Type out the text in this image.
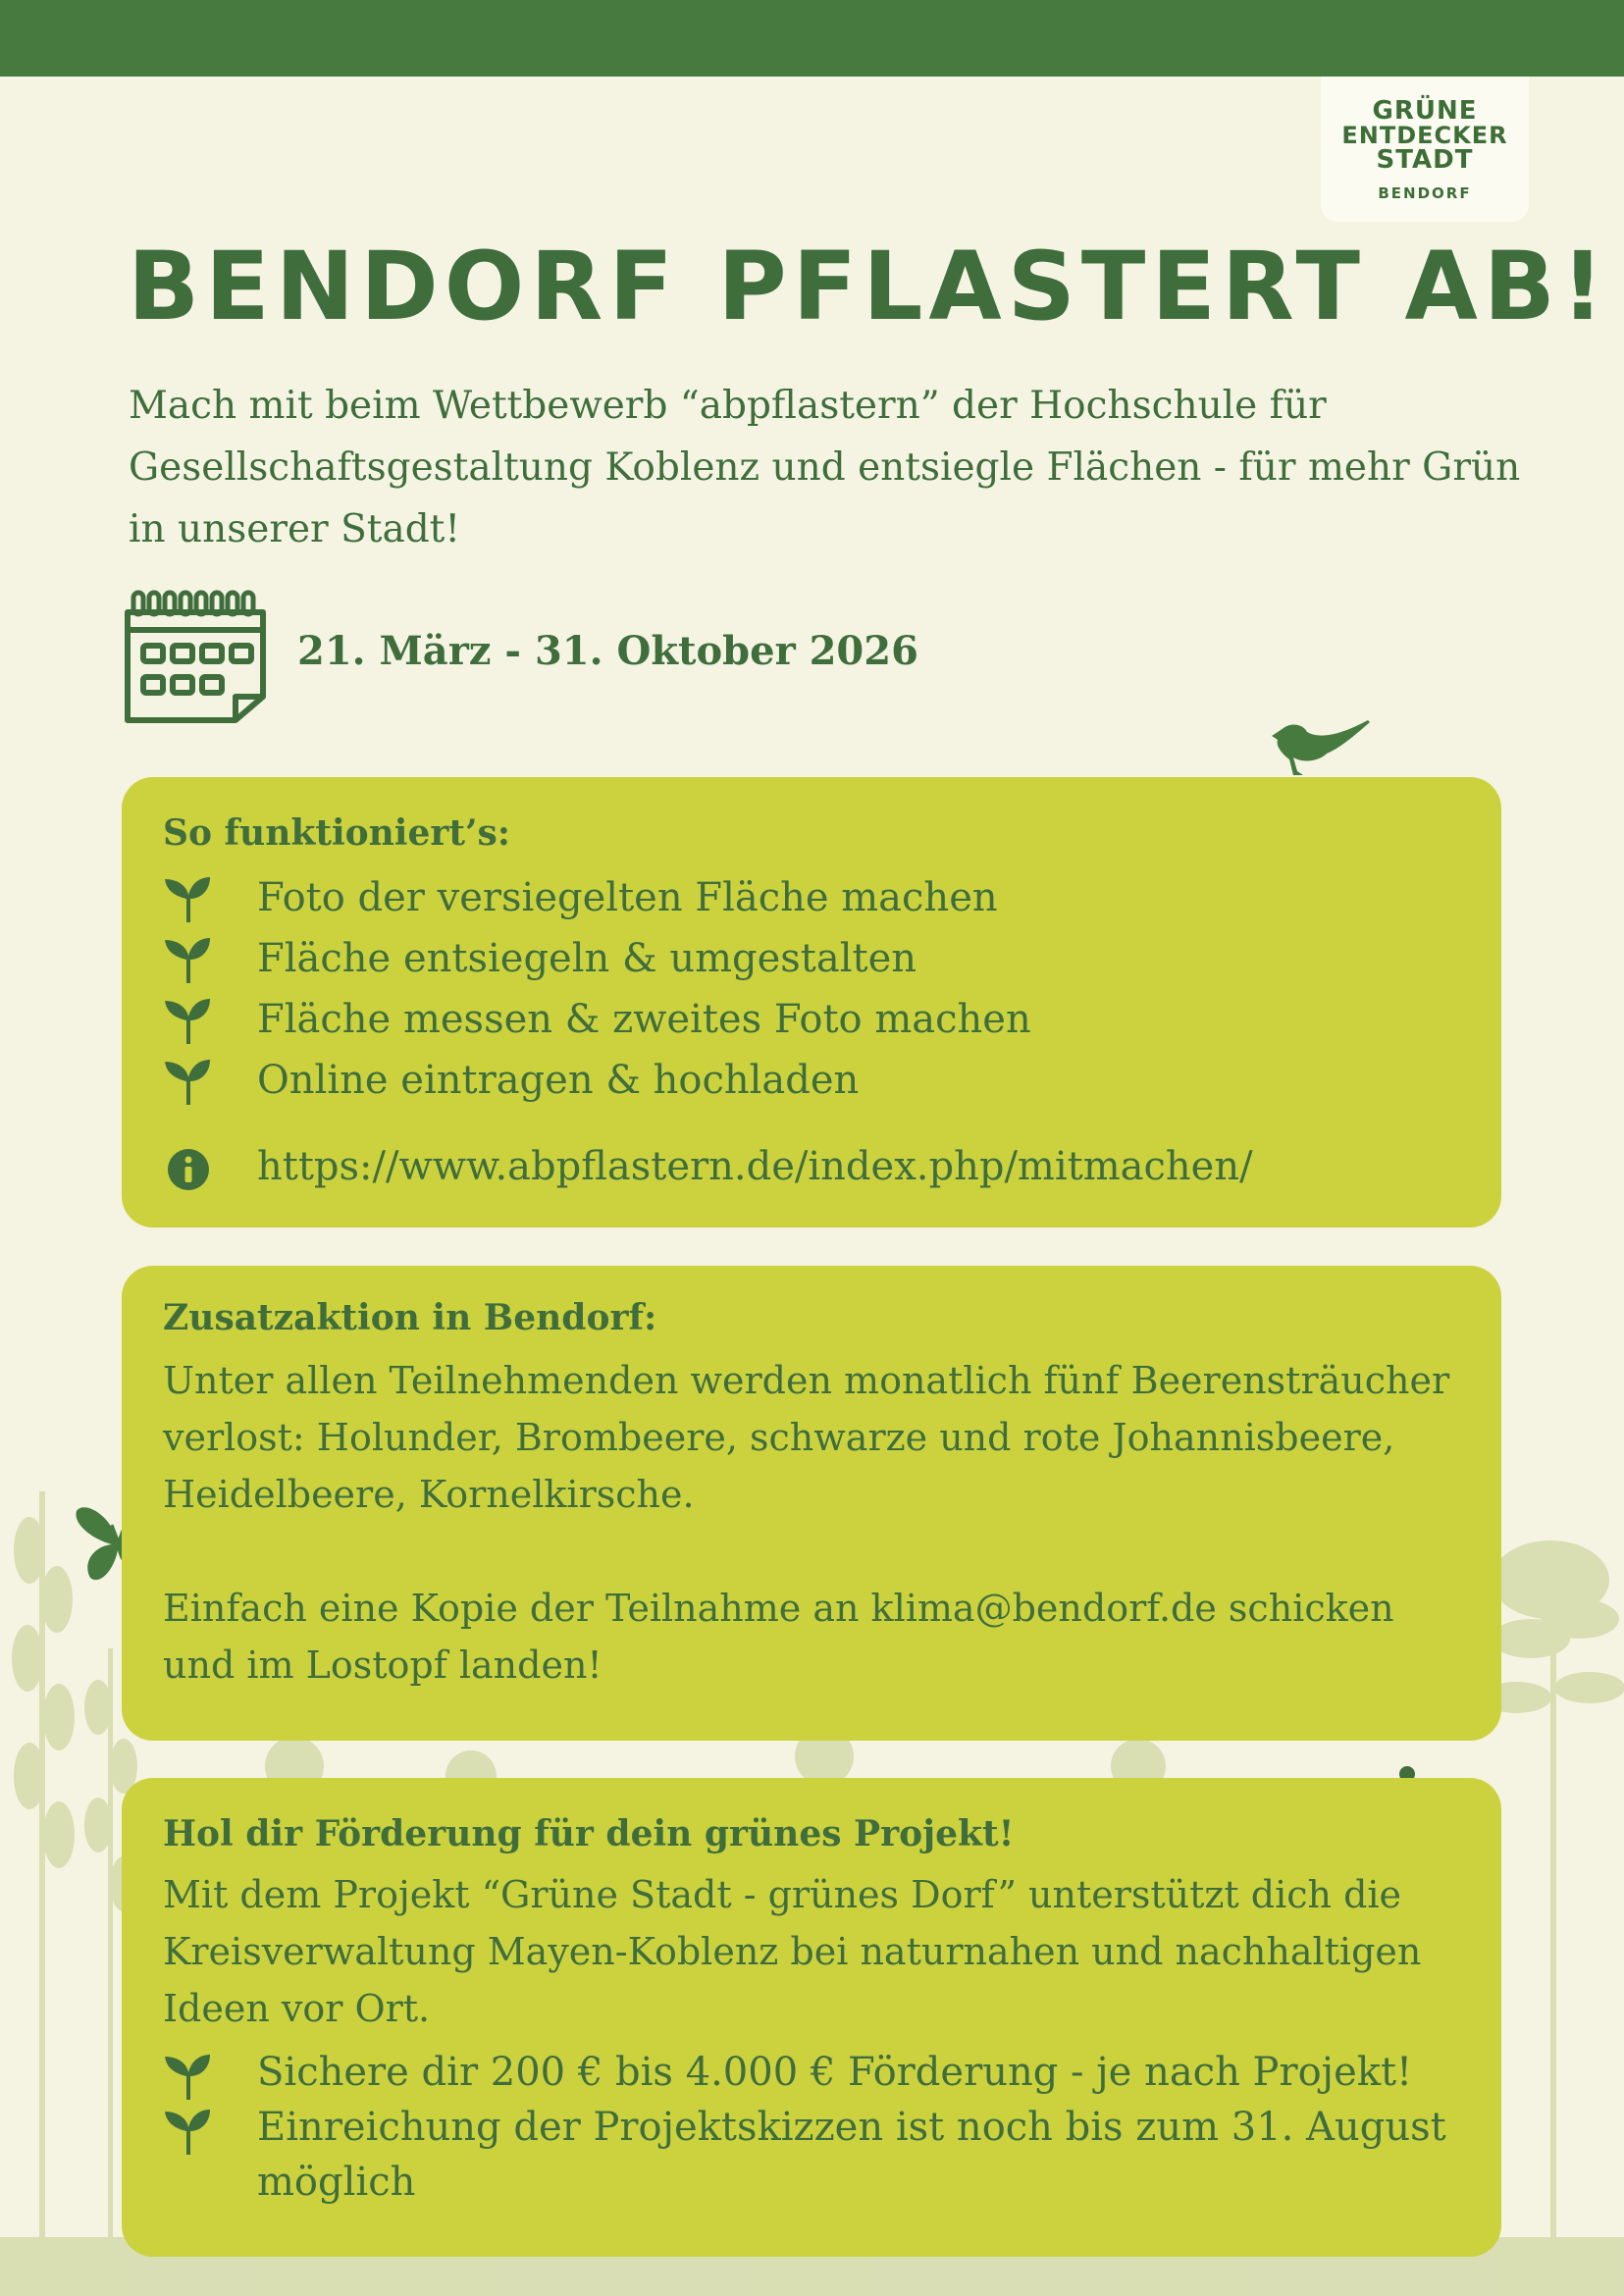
GRÜNE
ENTDECKER
STADT
BENDORF
BENDORF PFLASTERT AB!

Mach mit beim Wettbewerb “abpflastern” der Hochschule für Gesellschaftsgestaltung Koblenz und entsiegle Flächen - für mehr Grün in unserer Stadt!

21. März - 31. Oktober 2026
So funktioniert’s:
Foto der versiegelten Fläche machen
Fläche entsiegeln & umgestalten
Fläche messen & zweites Foto machen
Online eintragen & hochladen
https://www.abpflastern.de/index.php/mitmachen/
Zusatzaktion in Bendorf:

Unter allen Teilnehmenden werden monatlich fünf Beerensträucher verlost: Holunder, Brombeere, schwarze und rote Johannisbeere, Heidelbeere, Kornelkirsche.

Einfach eine Kopie der Teilnahme an klima@bendorf.de schicken und im Lostopf landen!

Hol dir Förderung für dein grünes Projekt!

Mit dem Projekt “Grüne Stadt - grünes Dorf” unterstützt dich die Kreisverwaltung Mayen-Koblenz bei naturnahen und nachhaltigen Ideen vor Ort.

Sichere dir 200 € bis 4.000 € Förderung - je nach Projekt!
Einreichung der Projektskizzen ist noch bis zum 31. August möglich
